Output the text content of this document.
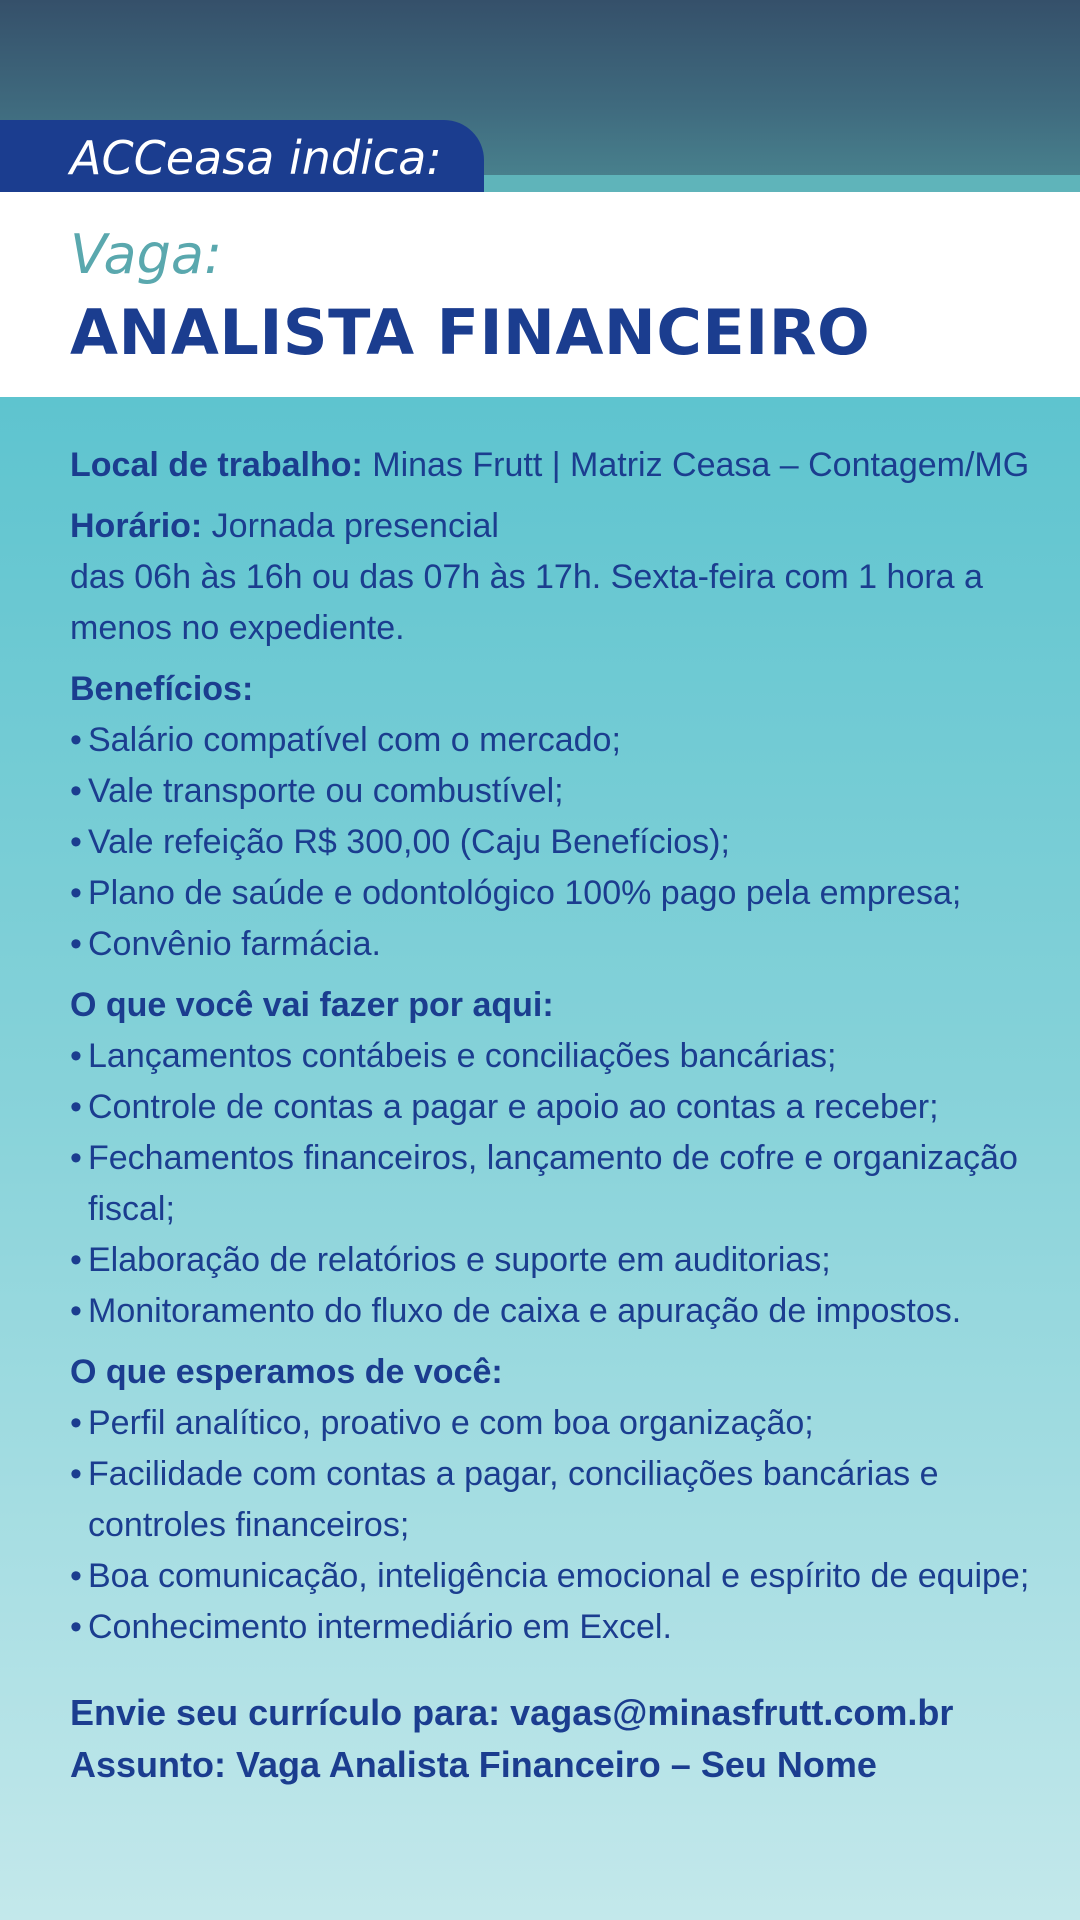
ACCeasa indica:
Vaga:
ANALISTA FINANCEIRO

Local de trabalho: Minas Frutt | Matriz Ceasa – Contagem/MG

Horário: Jornada presencial
das 06h às 16h ou das 07h às 17h. Sexta-feira com 1 hora a menos no expediente.

Benefícios:
• Salário compatível com o mercado;
• Vale transporte ou combustível;
• Vale refeição R$ 300,00 (Caju Benefícios);
• Plano de saúde e odontológico 100% pago pela empresa;
• Convênio farmácia.
O que você vai fazer por aqui:
• Lançamentos contábeis e conciliações bancárias;
• Controle de contas a pagar e apoio ao contas a receber;
• Fechamentos financeiros, lançamento de cofre e organização fiscal;
• Elaboração de relatórios e suporte em auditorias;
• Monitoramento do fluxo de caixa e apuração de impostos.
O que esperamos de você:
• Perfil analítico, proativo e com boa organização;
• Facilidade com contas a pagar, conciliações bancárias e controles financeiros;
• Boa comunicação, inteligência emocional e espírito de equipe;
• Conhecimento intermediário em Excel.
Envie seu currículo para: vagas@minasfrutt.com.br
Assunto: Vaga Analista Financeiro – Seu Nome
